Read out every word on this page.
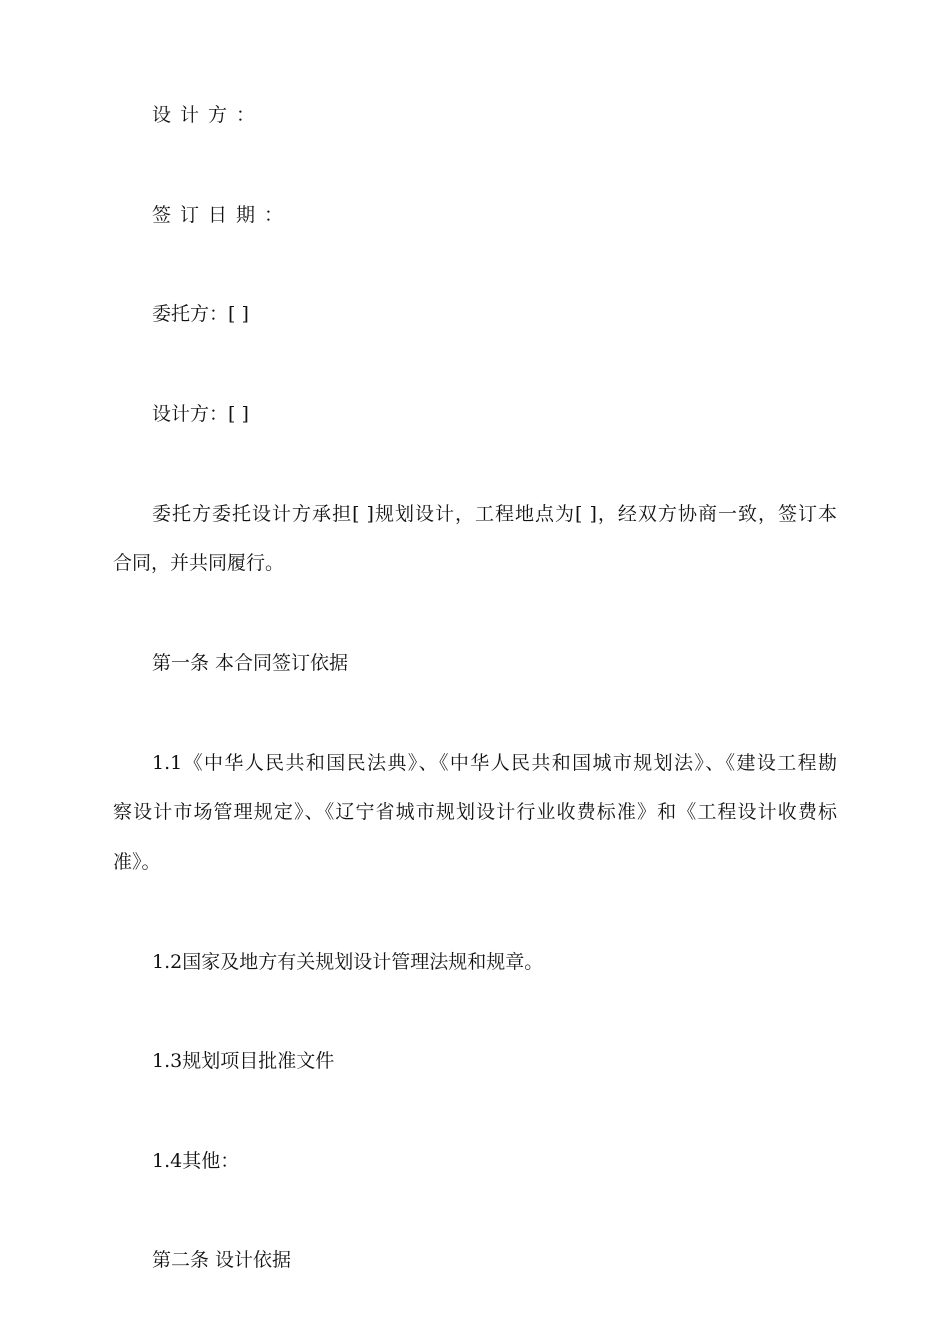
设计方：
签订日期：
委托方：[ ]
设计方：[ ]
委托方委托设计方承担[ ]规划设计，工程地点为[ ]，经双方协商一致，签订本
合同，并共同履行。
第一条 本合同签订依据
1.1《中华人民共和国民法典》、《中华人民共和国城市规划法》、《建设工程勘
察设计市场管理规定》、《辽宁省城市规划设计行业收费标准》和《工程设计收费标
准》。
1.2国家及地方有关规划设计管理法规和规章。
1.3规划项目批准文件
1.4其他：
第二条 设计依据
